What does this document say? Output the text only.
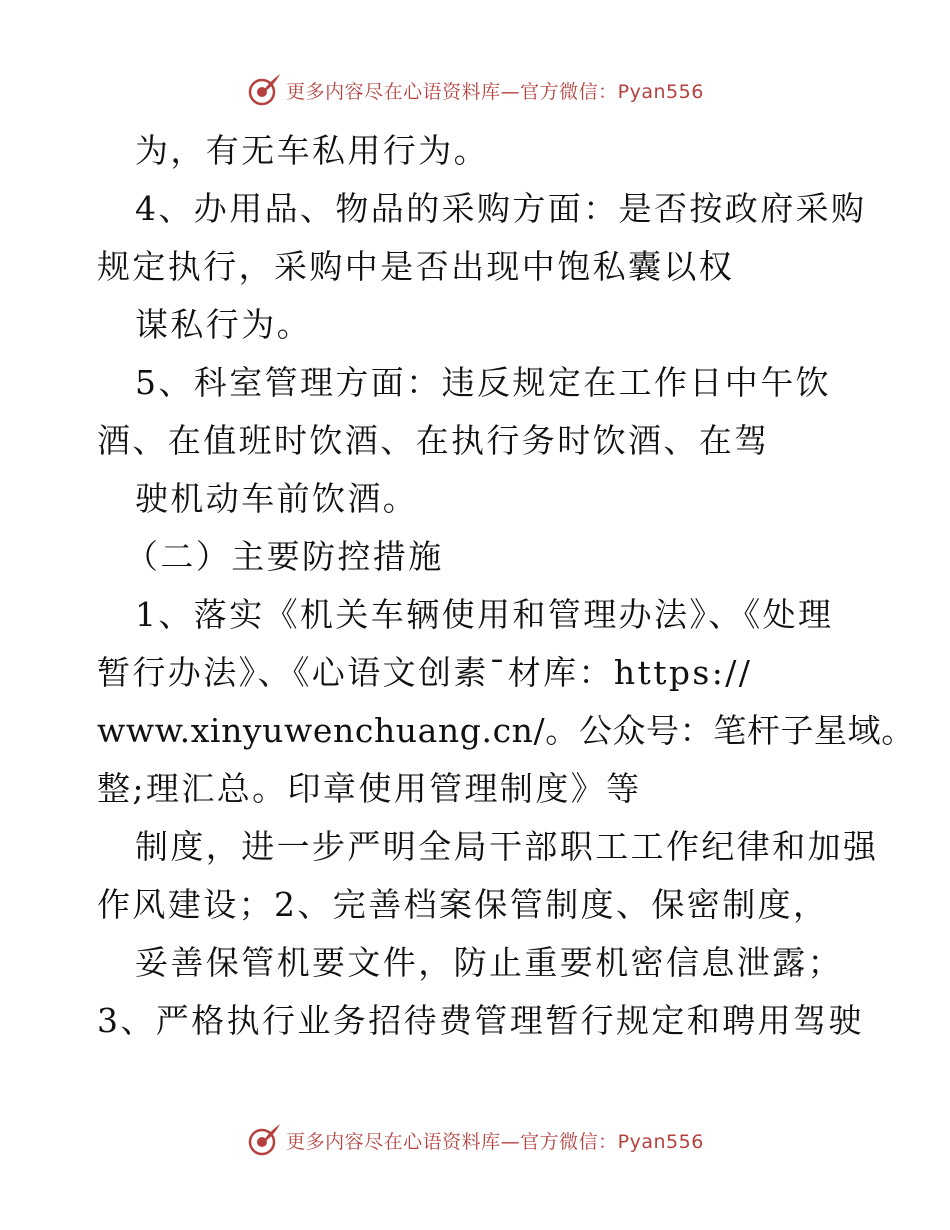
更多内容尽在心语资料库—官方微信：Pyan556
为，有无车私用行为。
4、办用品、物品的采购方面：是否按政府采购
规定执行，采购中是否出现中饱私囊以权
谋私行为。
5、科室管理方面：违反规定在工作日中午饮
酒、在值班时饮酒、在执行务时饮酒、在驾
驶机动车前饮酒。
（二）主要防控措施
1、落实《机关车辆使用和管理办法》、《处理
暂行办法》、《心语文创素¯材库：https://
www.xinyuwenchuang.cn/。公众号：笔杆子星域。
整;理汇总。印章使用管理制度》等
制度，进一步严明全局干部职工工作纪律和加强
作风建设；2、完善档案保管制度、保密制度，
妥善保管机要文件，防止重要机密信息泄露；
3、严格执行业务招待费管理暂行规定和聘用驾驶
更多内容尽在心语资料库—官方微信：Pyan556
